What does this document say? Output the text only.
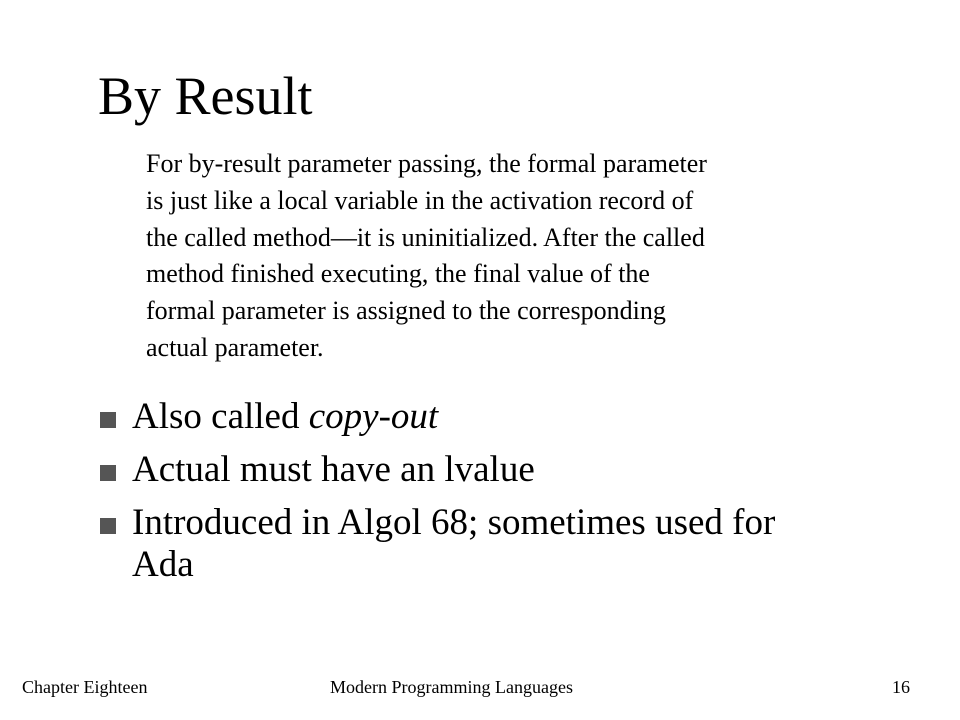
By Result
For by-result parameter passing, the formal parameter
is just like a local variable in the activation record of
the called method—it is uninitialized. After the called
method finished executing, the final value of the
formal parameter is assigned to the corresponding
actual parameter.
Also called copy-out
Actual must have an lvalue
Introduced in Algol 68; sometimes used for
Ada
Chapter Eighteen	Modern Programming Languages	16
